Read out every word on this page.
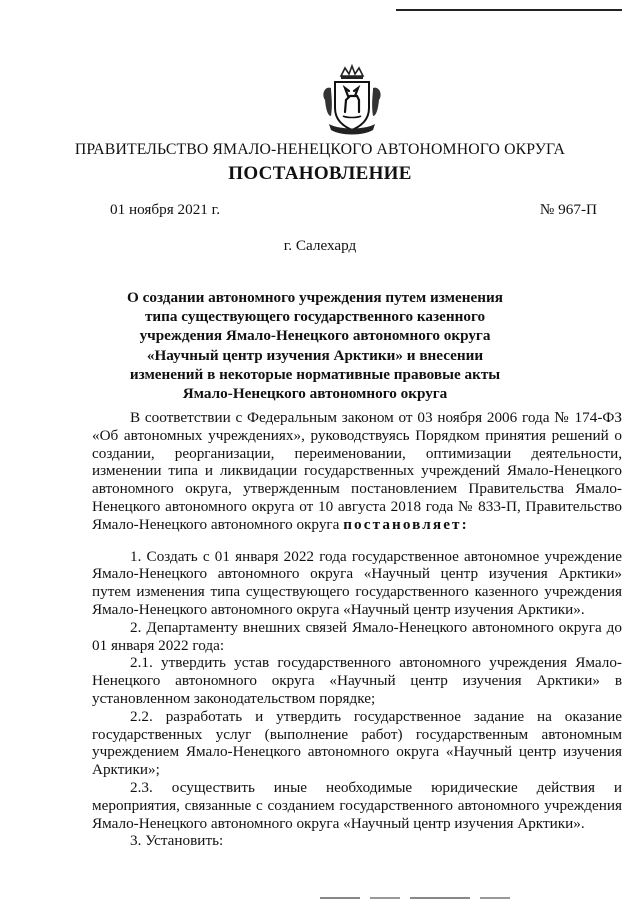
ПРАВИТЕЛЬСТВО ЯМАЛО-НЕНЕЦКОГО АВТОНОМНОГО ОКРУГА
ПОСТАНОВЛЕНИЕ
01 ноября 2021 г.	№ 967-П
г. Салехард
О создании автономного учреждения путем изменения типа существующего государственного казенного учреждения Ямало-Ненецкого автономного округа «Научный центр изучения Арктики» и внесении изменений в некоторые нормативные правовые акты Ямало-Ненецкого автономного округа

В соответствии с Федеральным законом от 03 ноября 2006 года № 174-ФЗ «Об автономных учреждениях», руководствуясь Порядком принятия решений о создании, реорганизации, переименовании, оптимизации деятельности, изменении типа и ликвидации государственных учреждений Ямало-Ненецкого автономного округа, утвержденным постановлением Правительства Ямало-Ненецкого автономного округа от 10 августа 2018 года № 833-П, Правительство Ямало-Ненецкого автономного округа постановляет:

1. Создать с 01 января 2022 года государственное автономное учреждение Ямало-Ненецкого автономного округа «Научный центр изучения Арктики» путем изменения типа существующего государственного казенного учреждения Ямало-Ненецкого автономного округа «Научный центр изучения Арктики».

2. Департаменту внешних связей Ямало-Ненецкого автономного округа до 01 января 2022 года:

2.1. утвердить устав государственного автономного учреждения Ямало-Ненецкого автономного округа «Научный центр изучения Арктики» в установленном законодательством порядке;

2.2. разработать и утвердить государственное задание на оказание государственных услуг (выполнение работ) государственным автономным учреждением Ямало-Ненецкого автономного округа «Научный центр изучения Арктики»;

2.3. осуществить иные необходимые юридические действия и мероприятия, связанные с созданием государственного автономного учреждения Ямало-Ненецкого автономного округа «Научный центр изучения Арктики».

3. Установить:
